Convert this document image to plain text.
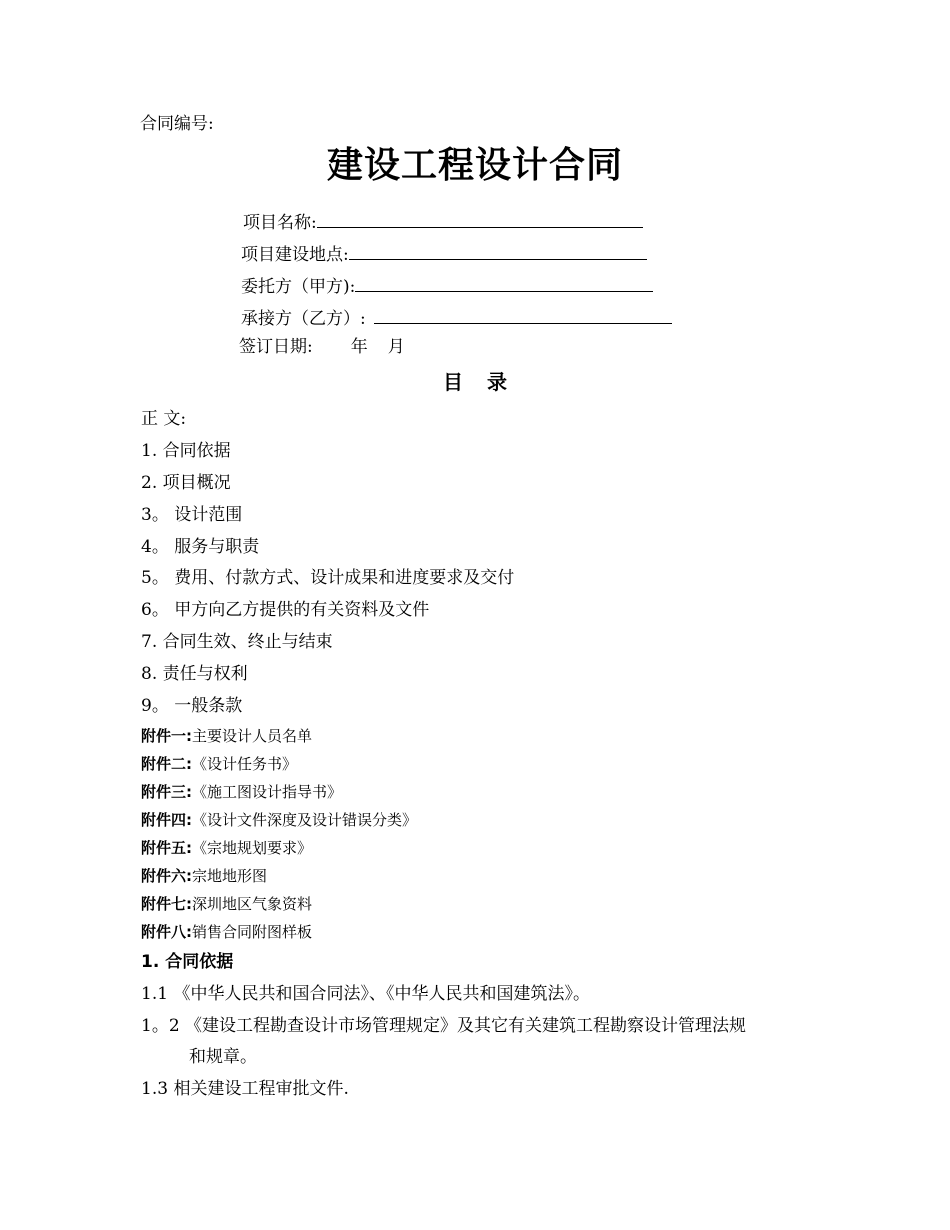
合同编号:
建设工程设计合同
项目名称:
项目建设地点:
委托方（甲方):
承接方（乙方）:
签订日期: 年 月
目 录
正 文:
1. 合同依据
2. 项目概况
3。 设计范围
4。 服务与职责
5。 费用、付款方式、设计成果和进度要求及交付
6。 甲方向乙方提供的有关资料及文件
7. 合同生效、终止与结束
8. 责任与权利
9。 一般条款
附件一:主要设计人员名单
附件二:《设计任务书》
附件三:《施工图设计指导书》
附件四:《设计文件深度及设计错误分类》
附件五:《宗地规划要求》
附件六:宗地地形图
附件七:深圳地区气象资料
附件八:销售合同附图样板
1. 合同依据
1.1 《中华人民共和国合同法》、《中华人民共和国建筑法》。
1。2 《建设工程勘查设计市场管理规定》及其它有关建筑工程勘察设计管理法规
和规章。
1.3 相关建设工程审批文件.
